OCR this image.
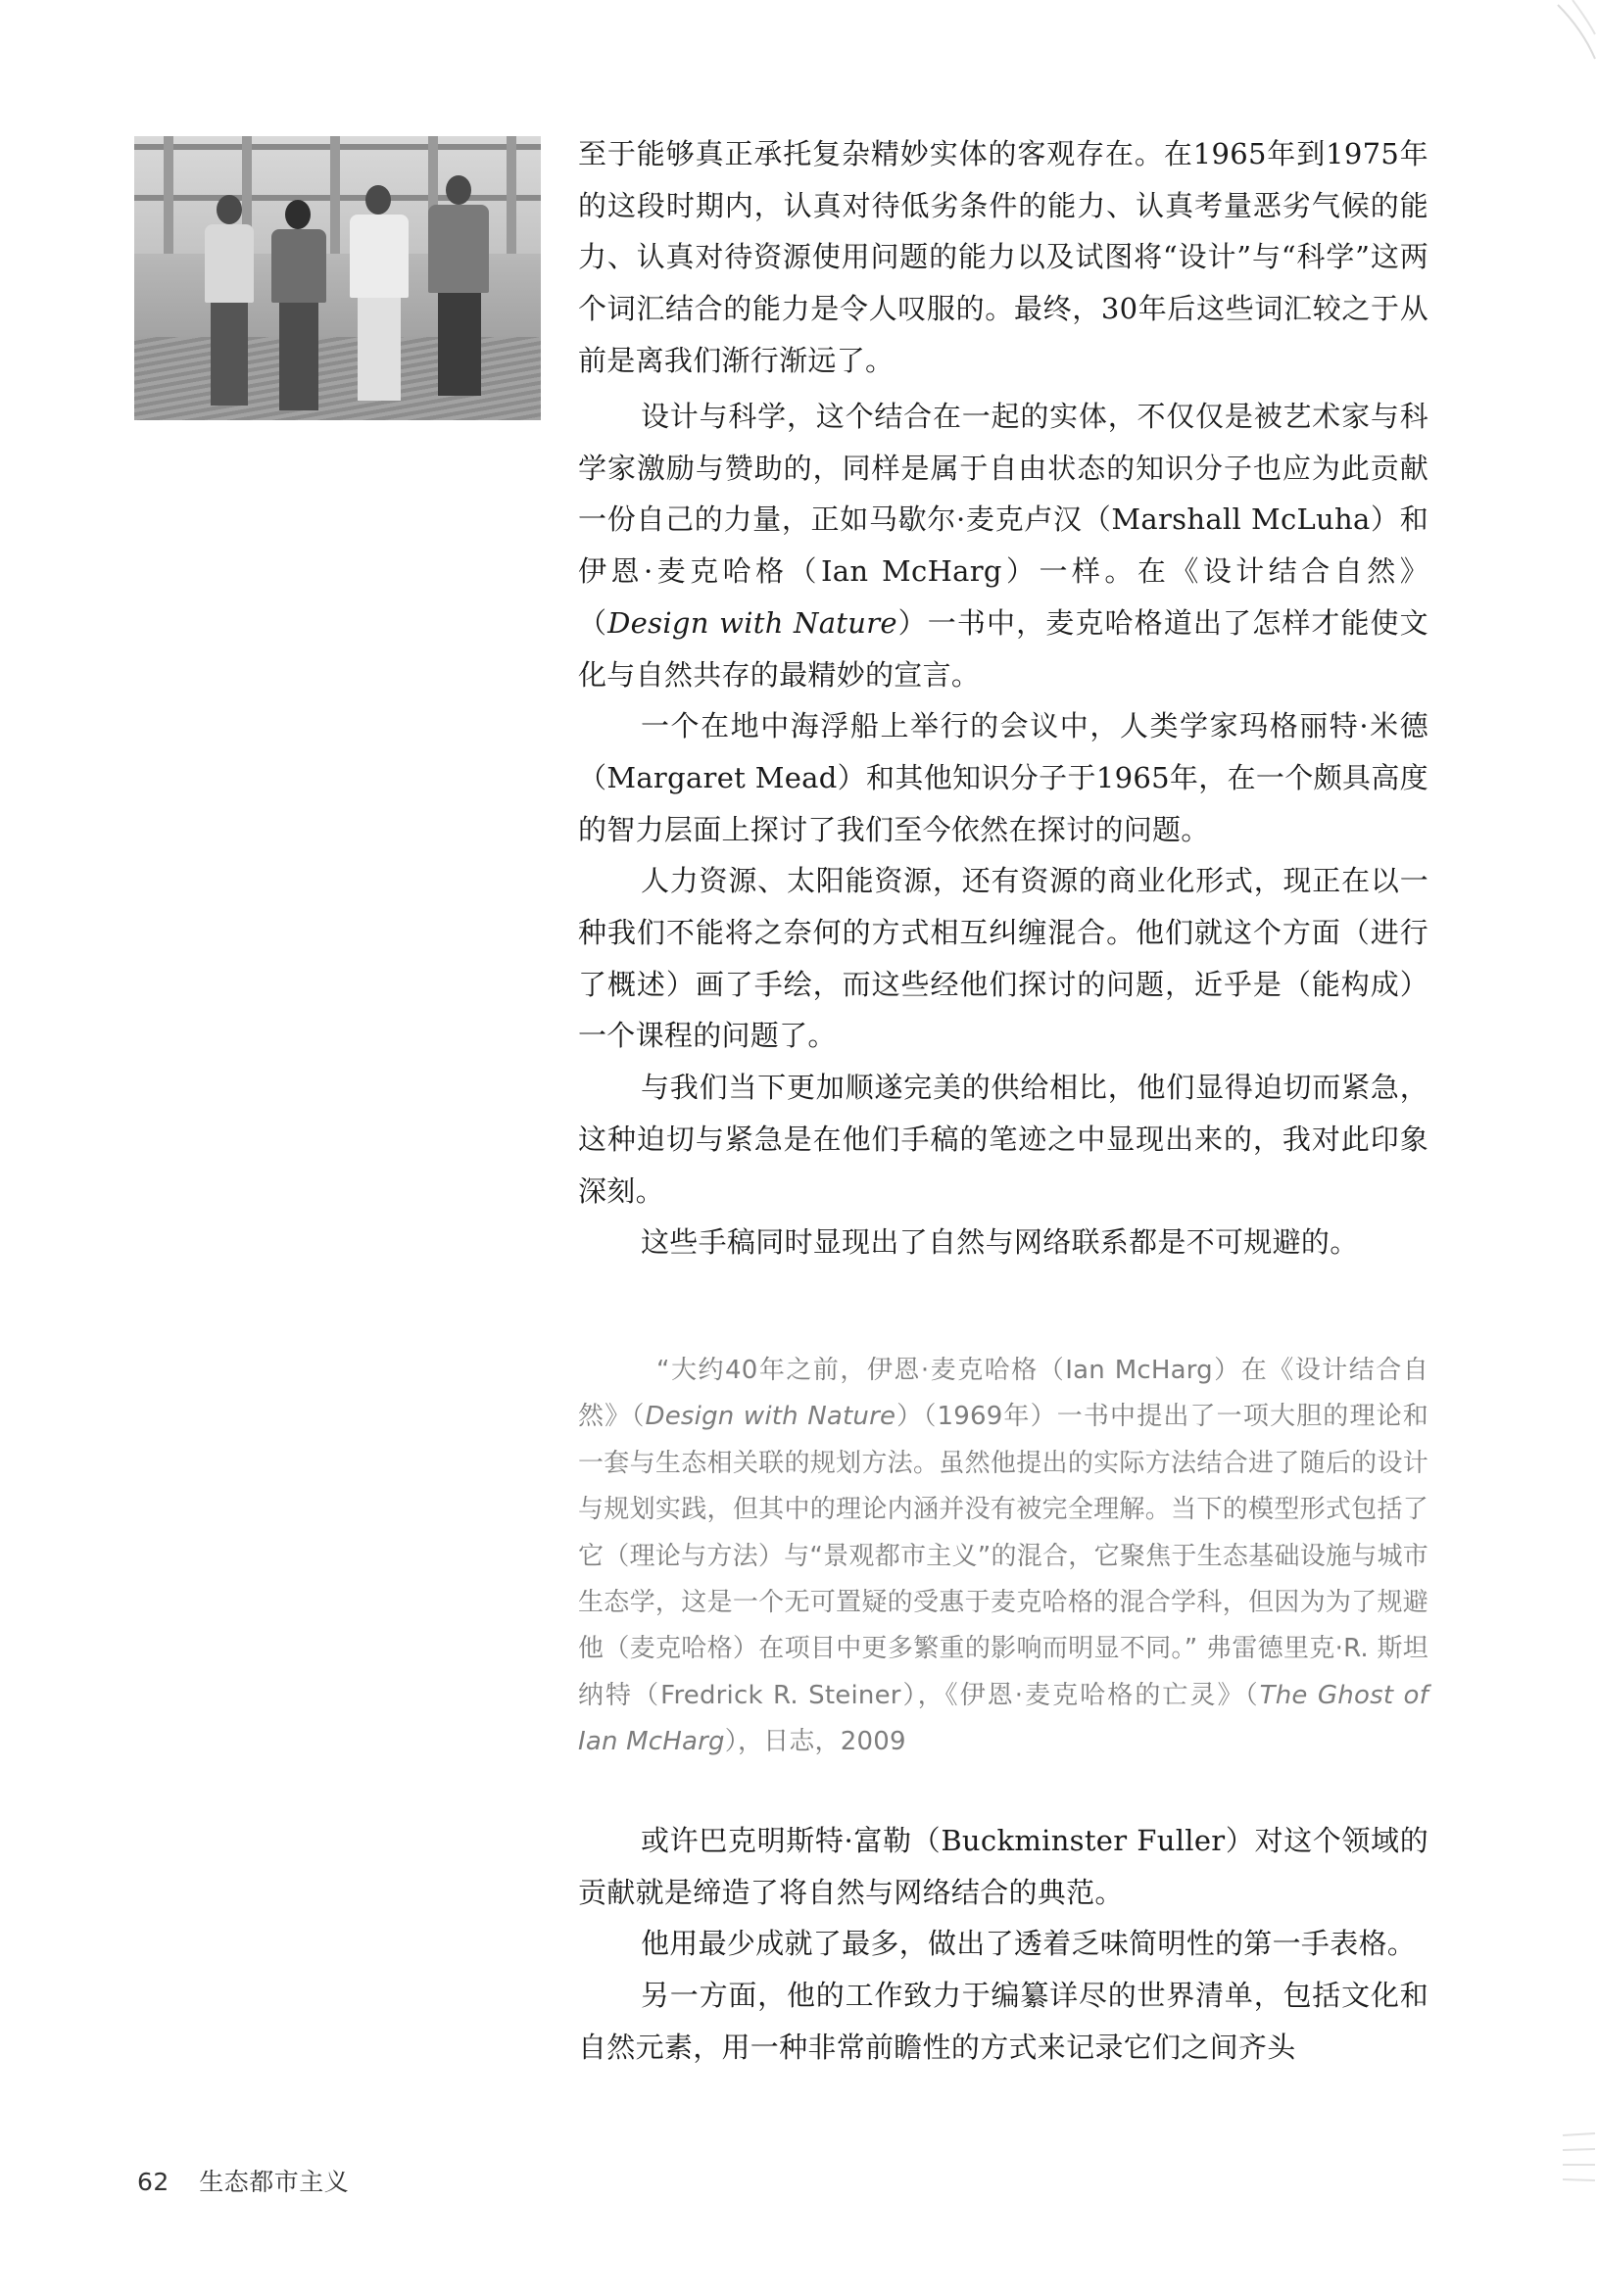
至于能够真正承托复杂精妙实体的客观存在。在1965年到1975年的这段时期内，认真对待低劣条件的能力、认真考量恶劣气候的能力、认真对待资源使用问题的能力以及试图将“设计”与“科学”这两个词汇结合的能力是令人叹服的。最终，30年后这些词汇较之于从前是离我们渐行渐远了。

设计与科学，这个结合在一起的实体，不仅仅是被艺术家与科学家激励与赞助的，同样是属于自由状态的知识分子也应为此贡献一份自己的力量，正如马歇尔·麦克卢汉（Marshall McLuha）和伊恩·麦克哈格（Ian McHarg）一样。在《设计结合自然》（Design with Nature）一书中，麦克哈格道出了怎样才能使文化与自然共存的最精妙的宣言。

一个在地中海浮船上举行的会议中，人类学家玛格丽特·米德（Margaret Mead）和其他知识分子于1965年，在一个颇具高度的智力层面上探讨了我们至今依然在探讨的问题。

人力资源、太阳能资源，还有资源的商业化形式，现正在以一种我们不能将之奈何的方式相互纠缠混合。他们就这个方面（进行了概述）画了手绘，而这些经他们探讨的问题，近乎是（能构成）一个课程的问题了。

与我们当下更加顺遂完美的供给相比，他们显得迫切而紧急，这种迫切与紧急是在他们手稿的笔迹之中显现出来的，我对此印象深刻。

这些手稿同时显现出了自然与网络联系都是不可规避的。

“大约40年之前，伊恩·麦克哈格（Ian McHarg）在《设计结合自然》（Design with Nature）（1969年）一书中提出了一项大胆的理论和一套与生态相关联的规划方法。虽然他提出的实际方法结合进了随后的设计与规划实践，但其中的理论内涵并没有被完全理解。当下的模型形式包括了它（理论与方法）与“景观都市主义”的混合，它聚焦于生态基础设施与城市生态学，这是一个无可置疑的受惠于麦克哈格的混合学科，但因为为了规避他（麦克哈格）在项目中更多繁重的影响而明显不同。” 弗雷德里克·R. 斯坦纳特（Fredrick R. Steiner），《伊恩·麦克哈格的亡灵》（The Ghost of Ian McHarg），日志，2009

或许巴克明斯特·富勒（Buckminster Fuller）对这个领域的贡献就是缔造了将自然与网络结合的典范。

他用最少成就了最多，做出了透着乏味简明性的第一手表格。

另一方面，他的工作致力于编纂详尽的世界清单，包括文化和自然元素，用一种非常前瞻性的方式来记录它们之间齐头

62 生态都市主义
